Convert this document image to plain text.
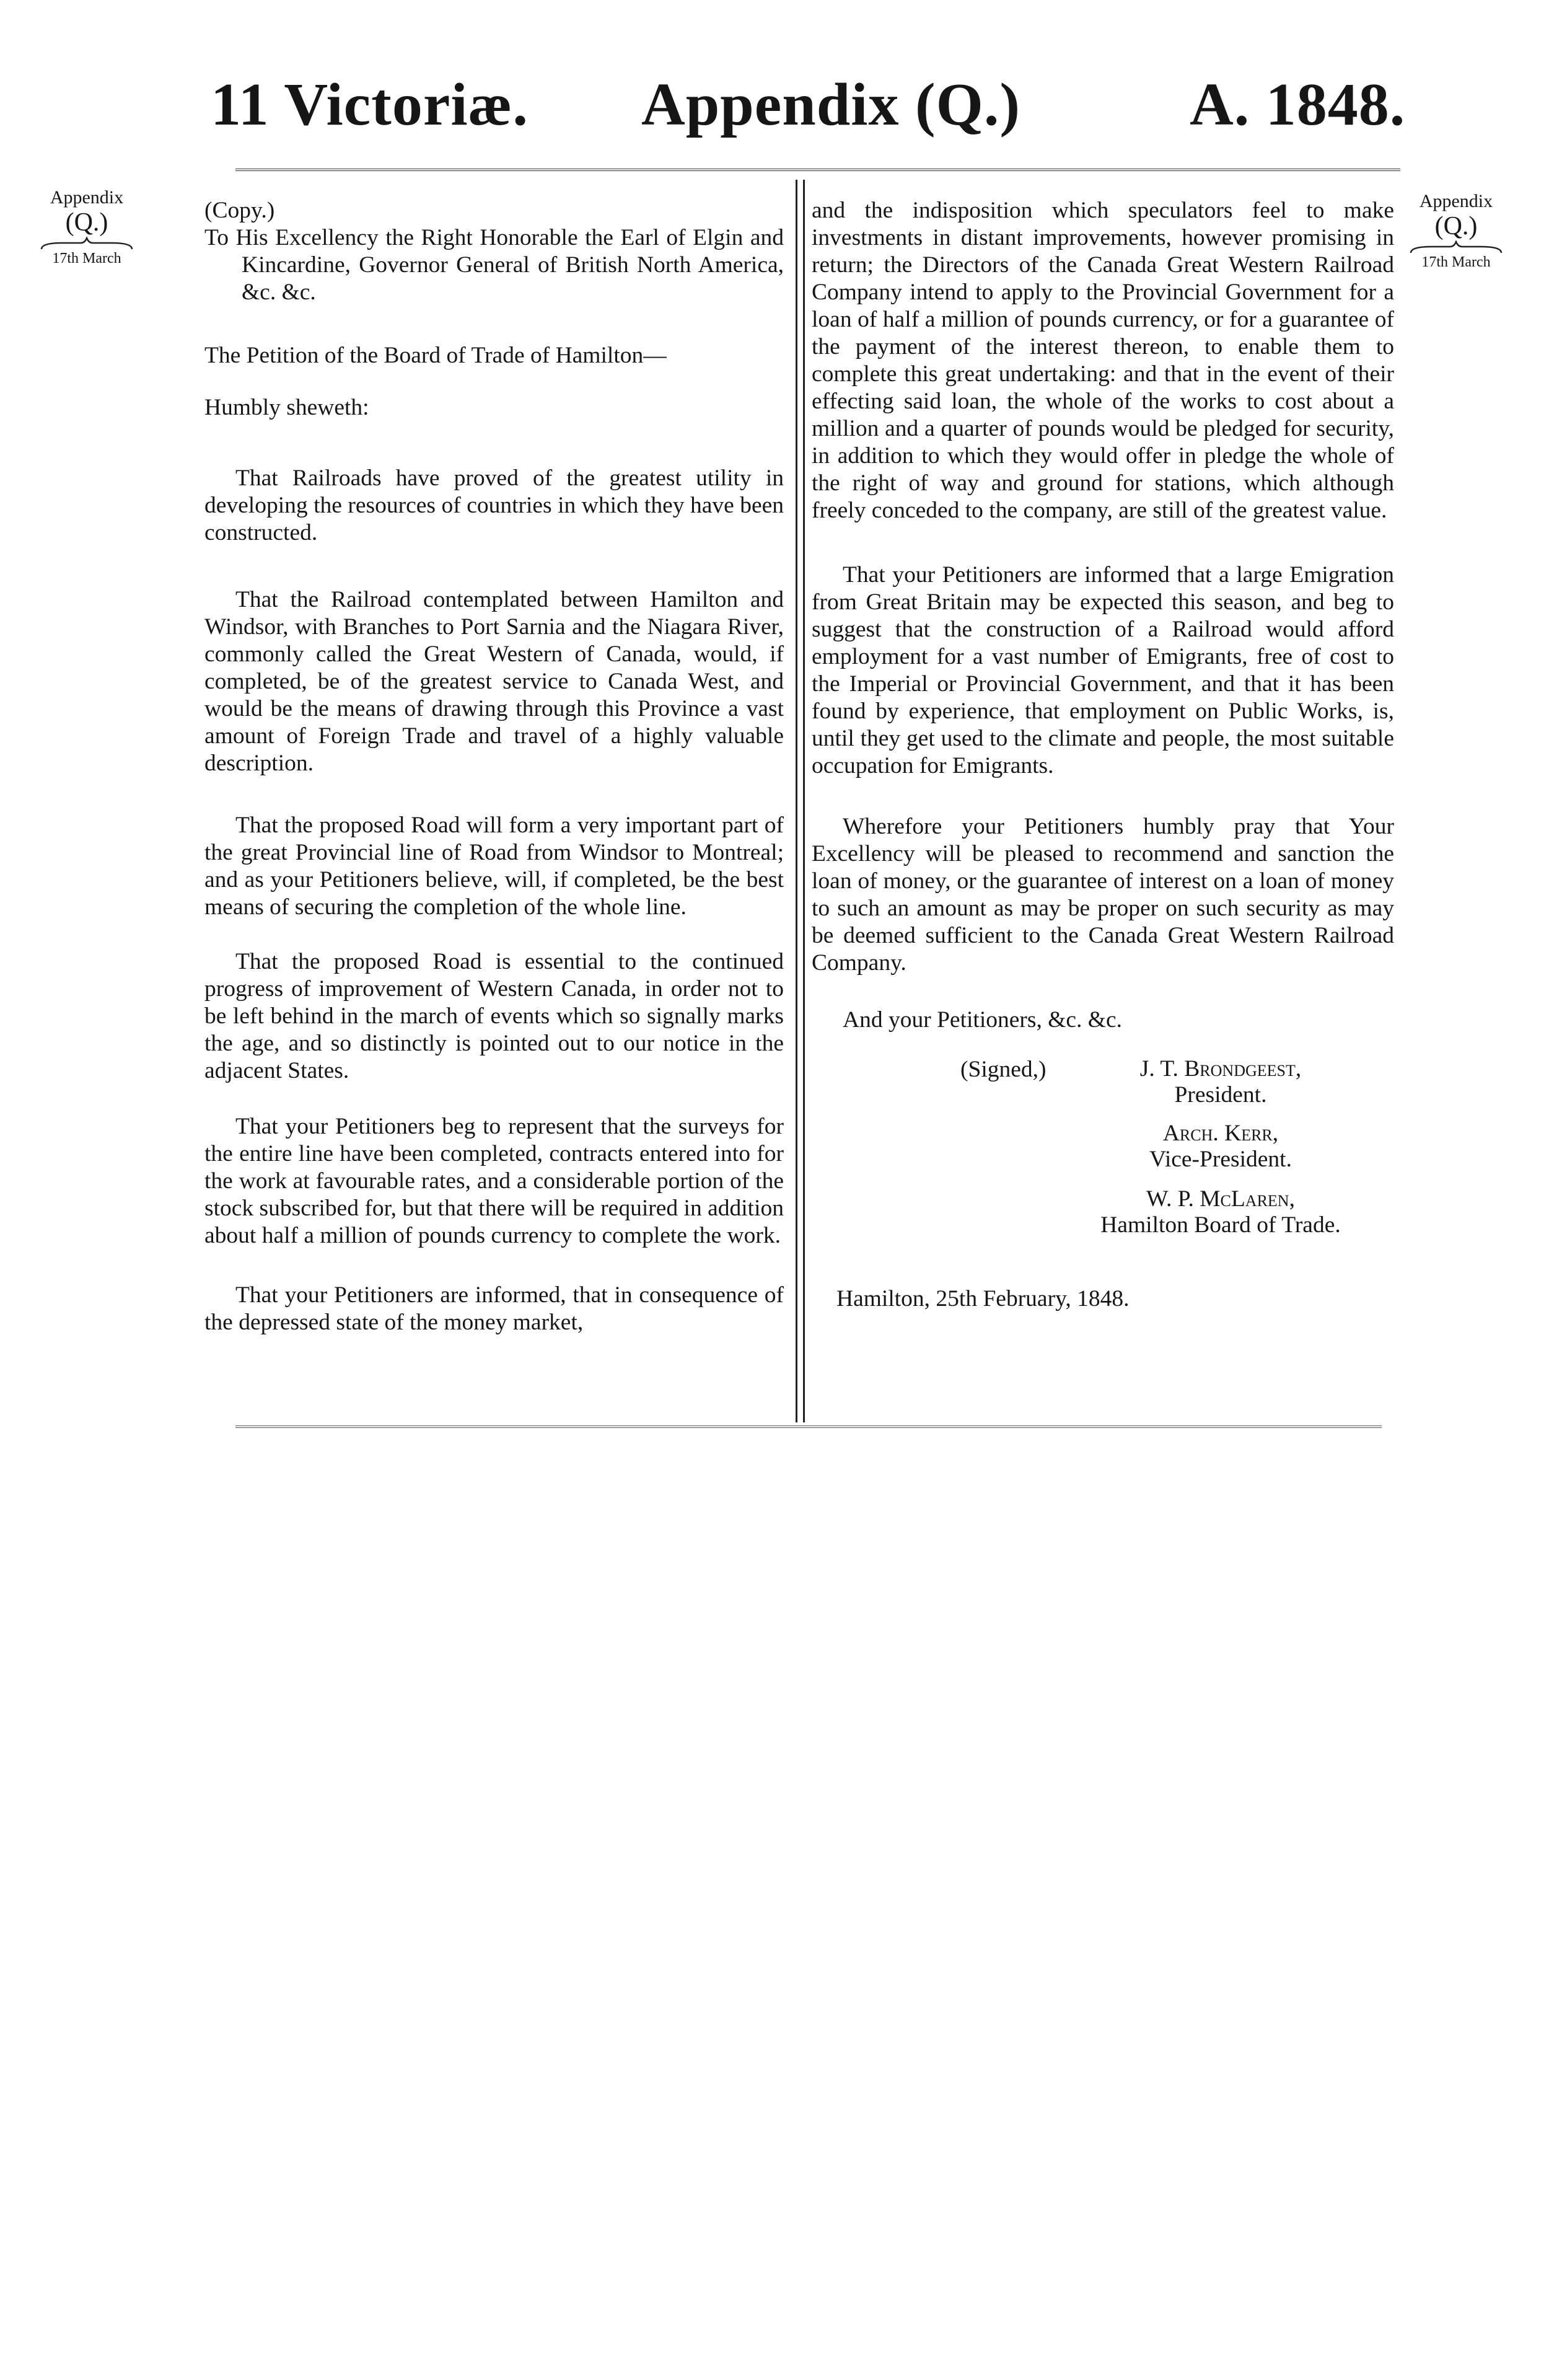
11 Victoriæ. Appendix (Q.)	A. 1848.
Appendix
(Q.)
17th March
Appendix
(Q.)
17th March

(Copy.)

To His Excellency the Right Honorable the Earl of Elgin and Kincardine, Governor General of British North America, &c. &c.

The Petition of the Board of Trade of Hamilton—

Humbly sheweth:

That Railroads have proved of the greatest utility in developing the resources of countries in which they have been constructed.

That the Railroad contemplated between Hamilton and Windsor, with Branches to Port Sarnia and the Niagara River, commonly called the Great Western of Canada, would, if completed, be of the greatest service to Canada West, and would be the means of drawing through this Province a vast amount of Foreign Trade and travel of a highly valuable description.

That the proposed Road will form a very important part of the great Provincial line of Road from Windsor to Montreal; and as your Petitioners believe, will, if completed, be the best means of securing the completion of the whole line.

That the proposed Road is essential to the continued progress of improvement of Western Canada, in order not to be left behind in the march of events which so signally marks the age, and so distinctly is pointed out to our notice in the adjacent States.

That your Petitioners beg to represent that the surveys for the entire line have been completed, contracts entered into for the work at favourable rates, and a considerable portion of the stock subscribed for, but that there will be required in addition about half a million of pounds currency to complete the work.

That your Petitioners are informed, that in consequence of the depressed state of the money market,

and the indisposition which speculators feel to make investments in distant improvements, however promising in return; the Directors of the Canada Great Western Railroad Company intend to apply to the Provincial Government for a loan of half a million of pounds currency, or for a guarantee of the payment of the interest thereon, to enable them to complete this great undertaking: and that in the event of their effecting said loan, the whole of the works to cost about a million and a quarter of pounds would be pledged for security, in addition to which they would offer in pledge the whole of the right of way and ground for stations, which although freely conceded to the company, are still of the greatest value.

That your Petitioners are informed that a large Emigration from Great Britain may be expected this season, and beg to suggest that the construction of a Railroad would afford employment for a vast number of Emigrants, free of cost to the Imperial or Provincial Government, and that it has been found by experience, that employment on Public Works, is, until they get used to the climate and people, the most suitable occupation for Emigrants.

Wherefore your Petitioners humbly pray that Your Excellency will be pleased to recommend and sanction the loan of money, or the guarantee of interest on a loan of money to such an amount as may be proper on such security as may be deemed sufficient to the Canada Great Western Railroad Company.

And your Petitioners, &c. &c.

(Signed,)	J. T. Brondgeest,
President.
Arch. Kerr,
Vice-President.
W. P. McLaren,
Hamilton Board of Trade.

Hamilton, 25th February, 1848.
